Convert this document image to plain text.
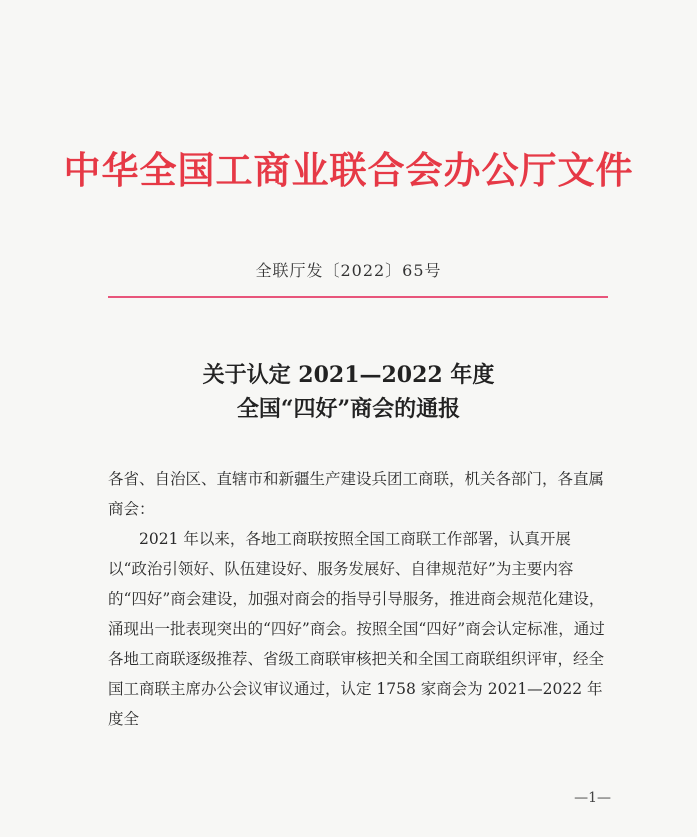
中华全国工商业联合会办公厅文件
全联厅发〔2022〕65号
关于认定 2021—2022 年度
全国“四好”商会的通报

各省、自治区、直辖市和新疆生产建设兵团工商联，机关各部门，各直属商会：

2021 年以来，各地工商联按照全国工商联工作部署，认真开展以“政治引领好、队伍建设好、服务发展好、自律规范好”为主要内容的“四好”商会建设，加强对商会的指导引导服务，推进商会规范化建设，涌现出一批表现突出的“四好”商会。按照全国“四好”商会认定标准，通过各地工商联逐级推荐、省级工商联审核把关和全国工商联组织评审，经全国工商联主席办公会议审议通过，认定 1758 家商会为 2021—2022 年度全

—1—
